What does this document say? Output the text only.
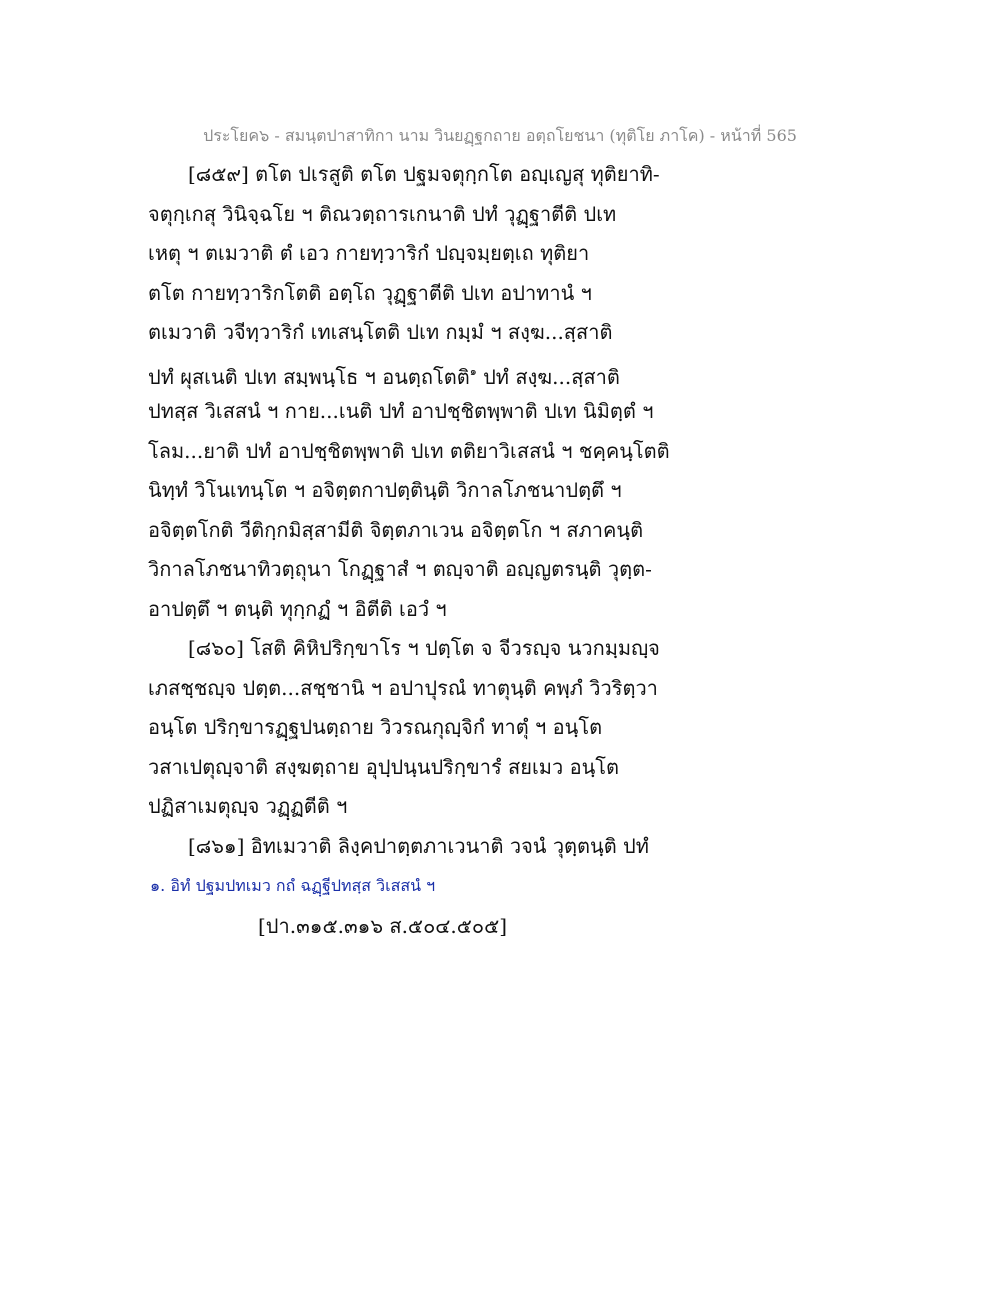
ประโยค๖ - สมนฺตปาสาทิกา นาม วินยฏฺฐกถาย อตฺถโยชนา (ทุติโย ภาโค) - หน้าที่ 565
[๘๕๙] ตโต ปเรสูติ ตโต ปฐมจตุกฺกโต อญฺเญสุ ทุติยาทิ-
จตุกฺเกสุ วินิจฺฉโย ฯ ติณวตฺถารเกนาติ ปทํ วุฏฺฐาตีติ ปเท
เหตุ ฯ ตเมวาติ ตํ เอว กายทฺวาริกํ ปญฺจมฺยตฺเถ ทุติยา
ตโต กายทฺวาริกโตติ อตฺโถ วุฏฺฐาตีติ ปเท อปาทานํ ฯ
ตเมวาติ วจีทฺวาริกํ เทเสนฺโตติ ปเท กมฺมํ ฯ สงฺฆ...สฺสาติ
ปทํ ผุสเนติ ปเท สมฺพนฺโธ ฯ อนตฺถโตติ$^๑$ ปทํ สงฺฆ...สฺสาติ
ปทสฺส วิเสสนํ ฯ กาย...เนติ ปทํ อาปชฺชิตพฺพาติ ปเท นิมิตฺตํ ฯ
โลม...ยาติ ปทํ อาปชฺชิตพฺพาติ ปเท ตติยาวิเสสนํ ฯ ชคฺคนฺโตติ
นิทฺทํ วิโนเทนฺโต ฯ อจิตฺตกาปตฺตินฺติ วิกาลโภชนาปตฺตึ ฯ
อจิตฺตโกติ วีติกฺกมิสฺสามีติ จิตฺตภาเวน อจิตฺตโก ฯ สภาคนฺติ
วิกาลโภชนาทิวตฺถุนา โกฏฺฐาสํ ฯ ตญฺจาติ อญฺญตรนฺติ วุตฺต-
อาปตฺตึ ฯ ตนฺติ ทุกฺกฏํ ฯ อิตีติ เอวํ ฯ
[๘๖๐] โสติ คิหิปริกฺขาโร ฯ ปตฺโต จ จีวรญฺจ นวกมฺมญฺจ
เภสชฺชญฺจ ปตฺต...สชฺชานิ ฯ อปาปุรณํ ทาตุนฺติ คพฺภํ วิวริตฺวา
อนฺโต ปริกฺขารฏฺฐปนตฺถาย วิวรณกุญฺจิกํ ทาตุํ ฯ อนฺโต
วสาเปตุญฺจาติ สงฺฆตฺถาย อุปฺปนฺนปริกฺขารํ สยเมว อนฺโต
ปฏิสาเมตุญฺจ วฏฺฏตีติ ฯ
[๘๖๑] อิทเมวาติ ลิงฺคปาตฺตภาเวนาติ วจนํ วุตฺตนฺติ ปทํ
๑. อิทํ ปฐมปทเมว กถํ ฉฏฺฐีปทสฺส วิเสสนํ ฯ
[ปา.๓๑๕.๓๑๖ ส.๕๐๔.๕๐๕]
